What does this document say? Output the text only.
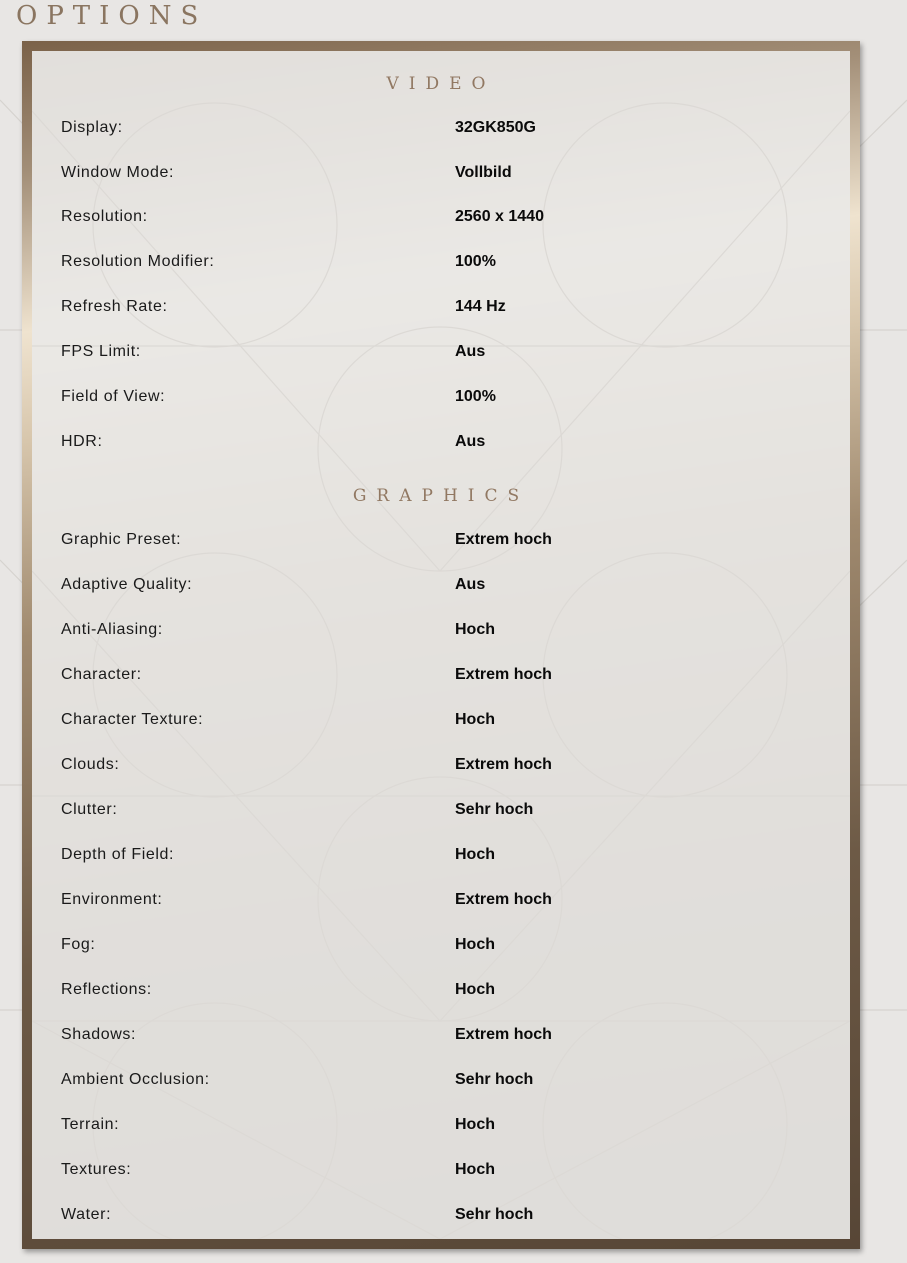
OPTIONS
VIDEO
Display:	32GK850G
Window Mode:	Vollbild
Resolution:	2560 x 1440
Resolution Modifier:	100%
Refresh Rate:	144 Hz
FPS Limit:	Aus
Field of View:	100%
HDR:	Aus
GRAPHICS
Graphic Preset:	Extrem hoch
Adaptive Quality:	Aus
Anti-Aliasing:	Hoch
Character:	Extrem hoch
Character Texture:	Hoch
Clouds:	Extrem hoch
Clutter:	Sehr hoch
Depth of Field:	Hoch
Environment:	Extrem hoch
Fog:	Hoch
Reflections:	Hoch
Shadows:	Extrem hoch
Ambient Occlusion:	Sehr hoch
Terrain:	Hoch
Textures:	Hoch
Water:	Sehr hoch
